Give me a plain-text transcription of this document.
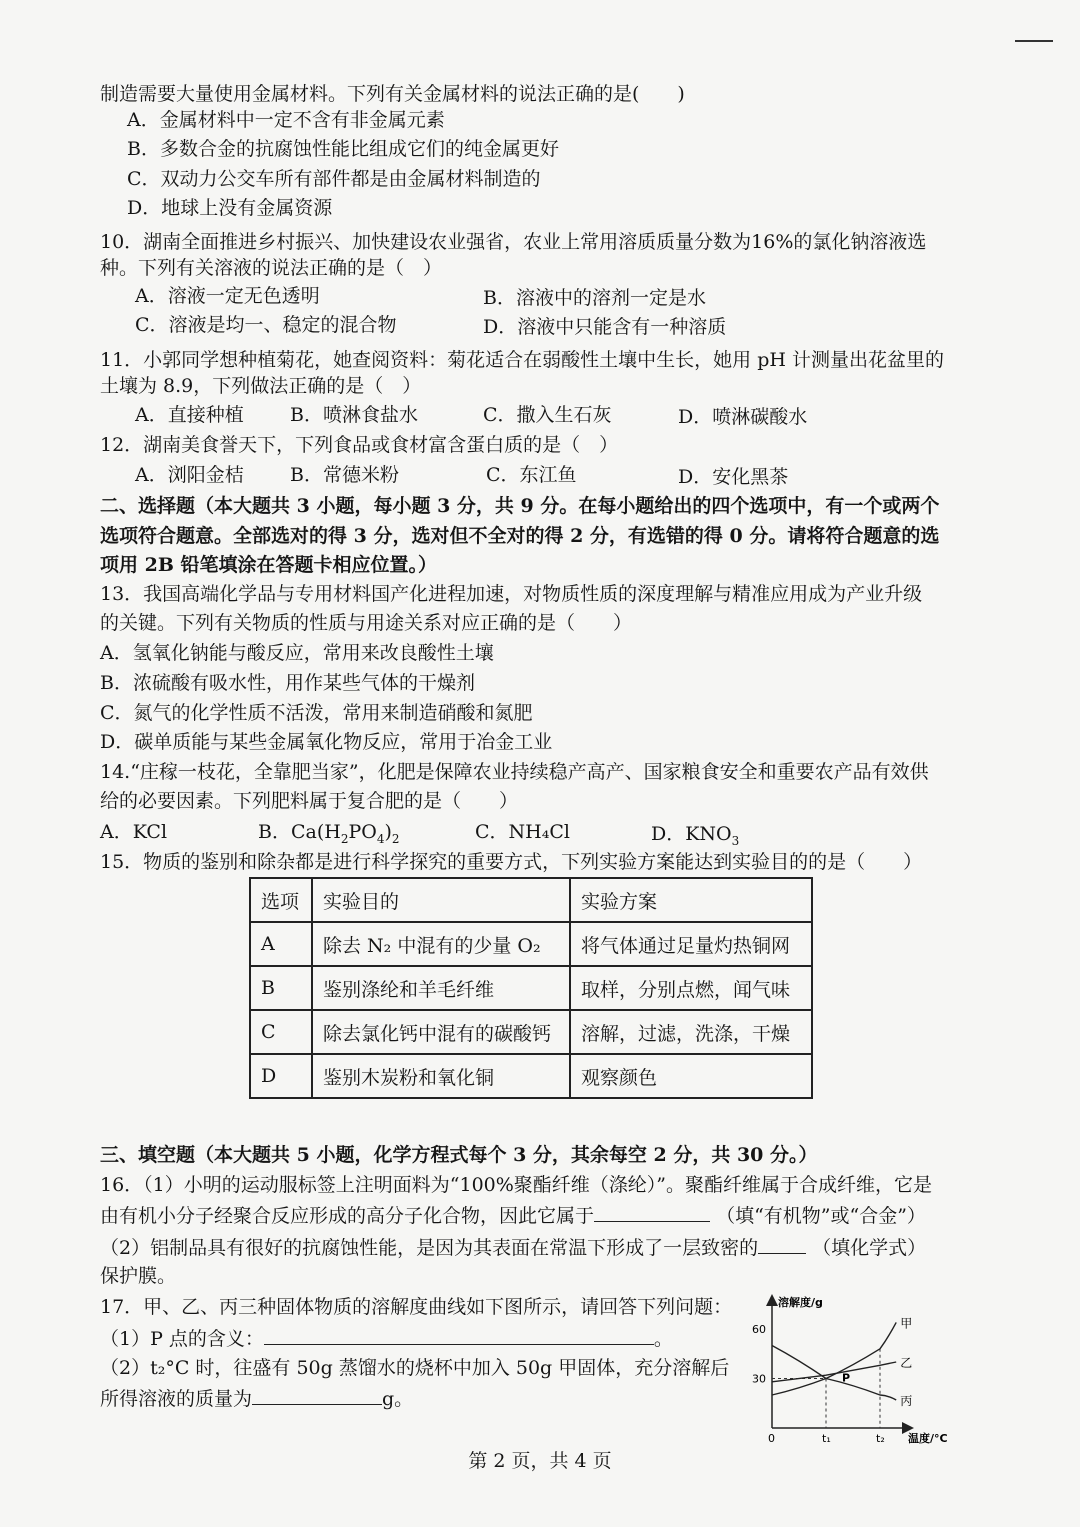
制造需要大量使用金属材料。下列有关金属材料的说法正确的是(　　)
A．金属材料中一定不含有非金属元素
B．多数合金的抗腐蚀性能比组成它们的纯金属更好
C．双动力公交车所有部件都是由金属材料制造的
D．地球上没有金属资源
10．湖南全面推进乡村振兴、加快建设农业强省，农业上常用溶质质量分数为16%的氯化钠溶液选
种。下列有关溶液的说法正确的是（　）
A．溶液一定无色透明	B．溶液中的溶剂一定是水
C．溶液是均一、稳定的混合物	D．溶液中只能含有一种溶质
11．小郭同学想种植菊花，她查阅资料：菊花适合在弱酸性土壤中生长，她用 pH 计测量出花盆里的
土壤为 8.9，下列做法正确的是（　）
A．直接种植 B．喷淋食盐水	C．撒入生石灰	D．喷淋碳酸水
12．湖南美食誉天下，下列食品或食材富含蛋白质的是（　）
A．浏阳金桔 B．常德米粉	C．东江鱼	D．安化黑茶
二、选择题（本大题共 3 小题，每小题 3 分，共 9 分。在每小题给出的四个选项中，有一个或两个
选项符合题意。全部选对的得 3 分，选对但不全对的得 2 分，有选错的得 0 分。请将符合题意的选
项用 2B 铅笔填涂在答题卡相应位置。）
13．我国高端化学品与专用材料国产化进程加速，对物质性质的深度理解与精准应用成为产业升级
的关键。下列有关物质的性质与用途关系对应正确的是（　　）
A．氢氧化钠能与酸反应，常用来改良酸性土壤
B．浓硫酸有吸水性，用作某些气体的干燥剂
C．氮气的化学性质不活泼，常用来制造硝酸和氮肥
D．碳单质能与某些金属氧化物反应，常用于冶金工业
14.“庄稼一枝花，全靠肥当家”，化肥是保障农业持续稳产高产、国家粮食安全和重要农产品有效供
给的必要因素。下列肥料属于复合肥的是（　　）
A．KCl	B．$Ca(H_2PO_4)_2$	C．NH₄Cl	D．$KNO_3$
15．物质的鉴别和除杂都是进行科学探究的重要方式，下列实验方案能达到实验目的的是（　　）
选项	实验目的	实验方案
A	除去 N₂ 中混有的少量 O₂	将气体通过足量灼热铜网
B	鉴别涤纶和羊毛纤维	取样，分别点燃，闻气味
C	除去氯化钙中混有的碳酸钙	溶解，过滤，洗涤，干燥
D	鉴别木炭粉和氧化铜	观察颜色
三、填空题（本大题共 5 小题，化学方程式每个 3 分，其余每空 2 分，共 30 分。）
16．（1）小明的运动服标签上注明面料为“100%聚酯纤维（涤纶）”。聚酯纤维属于合成纤维，它是
由有机小分子经聚合反应形成的高分子化合物，因此它属于	（填“有机物”或“合金”）
（2）铝制品具有很好的抗腐蚀性能，是因为其表面在常温下形成了一层致密的	（填化学式）
保护膜。
17．甲、乙、丙三种固体物质的溶解度曲线如下图所示，请回答下列问题：
（1）P 点的含义：	。
（2）t₂°C 时，往盛有 50g 蒸馏水的烧杯中加入 50g 甲固体，充分溶解后
所得溶液的质量为	g。
溶解度/g
温度/°C
60
30
0	t₁	t₂
甲
乙
丙
P
第 2 页，共 4 页
